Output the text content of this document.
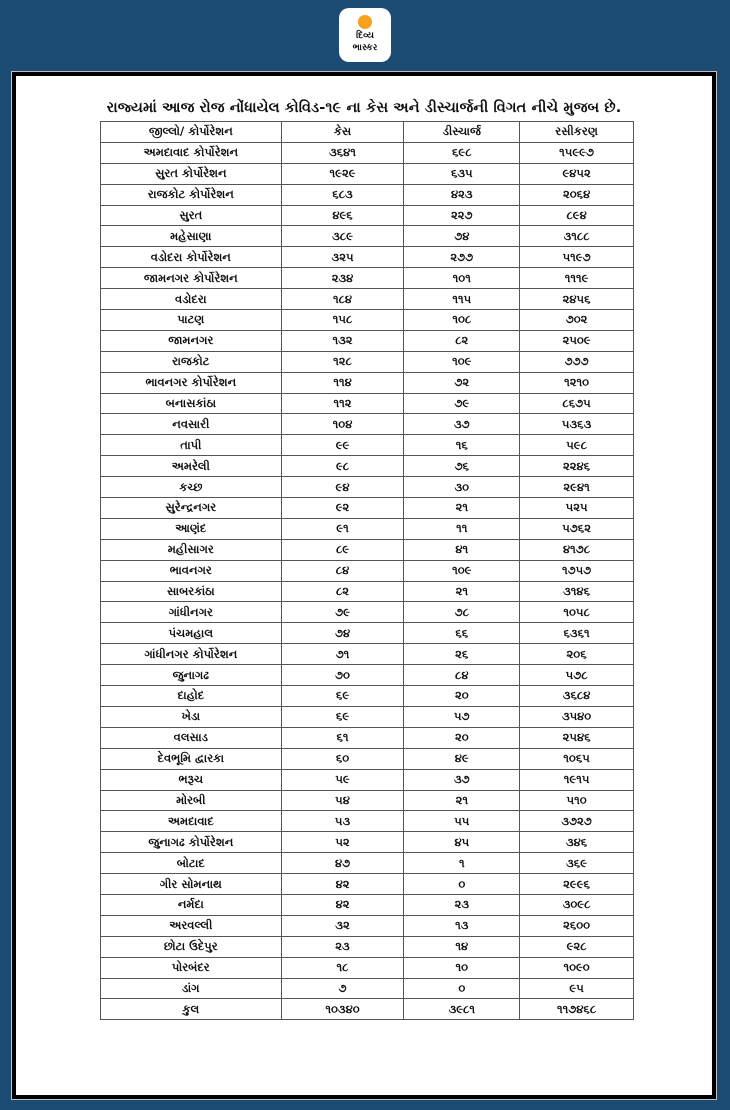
દિવ્ય
ભાસ્કર
રાજ્યમાં આજ રોજ નોંધાયેલ કોવિડ-૧૯ ના કેસ અને ડીસ્ચાર્જની વિગત નીચે મુજબ છે.
જીલ્લો/ કોર્પોરેશન	કેસ	ડીસ્ચાર્જ	રસીકરણ
અમદાવાદ કોર્પોરેશન	૩૬૪૧	૬૯૮	૧૫૯૯૭
સુરત કોર્પોરેશન	૧૯૨૯	૬૩૫	૯૪૫૨
રાજકોટ કોર્પોરેશન	૬૮૩	૪૨૩	૨૦૬૪
સુરત	૪૯૬	૨૨૭	૮૯૪
મહેસાણા	૩૮૯	૭૪	૩૧૮૮
વડોદરા કોર્પોરેશન	૩૨૫	૨૭૭	૫૧૯૭
જામનગર કોર્પોરેશન	૨૩૪	૧૦૧	૧૧૧૯
વડોદરા	૧૮૪	૧૧૫	૨૪૫૬
પાટણ	૧૫૮	૧૦૮	૭૦૨
જામનગર	૧૩૨	૮૨	૨૫૦૯
રાજકોટ	૧૨૮	૧૦૯	૭૭૭
ભાવનગર કોર્પોરેશન	૧૧૪	૭૨	૧૨૧૦
બનાસકાંઠા	૧૧૨	૭૯	૮૬૭૫
નવસારી	૧૦૪	૩૭	૫૩૬૩
તાપી	૯૯	૧૬	૫૯૮
અમરેલી	૯૮	૭૬	૨૨૪૬
કચ્છ	૯૪	૩૦	૨૯૪૧
સુરેન્દ્રનગર	૯૨	૨૧	૫૨૫
આણંદ	૯૧	૧૧	૫૭૬૨
મહીસાગર	૮૯	૪૧	૪૧૭૮
ભાવનગર	૮૪	૧૦૯	૧૭૫૭
સાબરકાંઠા	૮૨	૨૧	૩૧૪૬
ગાંધીનગર	૭૯	૭૮	૧૦૫૮
પંચમહાલ	૭૪	૬૬	૬૩૬૧
ગાંધીનગર કોર્પોરેશન	૭૧	૨૬	૨૦૬
જુનાગઢ	૭૦	૮૪	૫૭૮
દાહોદ	૬૯	૨૦	૩૬૮૪
ખેડા	૬૯	૫૭	૩૫૪૦
વલસાડ	૬૧	૨૦	૨૫૪૬
દેવભૂમિ દ્વારકા	૬૦	૪૯	૧૦૬૫
ભરૂચ	૫૯	૩૭	૧૯૧૫
મોરબી	૫૪	૨૧	૫૧૦
અમદાવાદ	૫૩	૫૫	૩૭૨૭
જુનાગઢ કોર્પોરેશન	૫૨	૪૫	૩૪૬
બોટાદ	૪૭	૧	૩૬૯
ગીર સોમનાથ	૪૨	૦	૨૯૯૬
નર્મદા	૪૨	૨૩	૩૦૯૮
અરવલ્લી	૩૨	૧૩	૨૬૦૦
છોટા ઉદેપુર	૨૩	૧૪	૯૨૮
પોરબંદર	૧૮	૧૦	૧૦૯૦
ડાંગ	૭	૦	૯૫
કુલ	૧૦૩૪૦	૩૯૮૧	૧૧૭૪૬૮
